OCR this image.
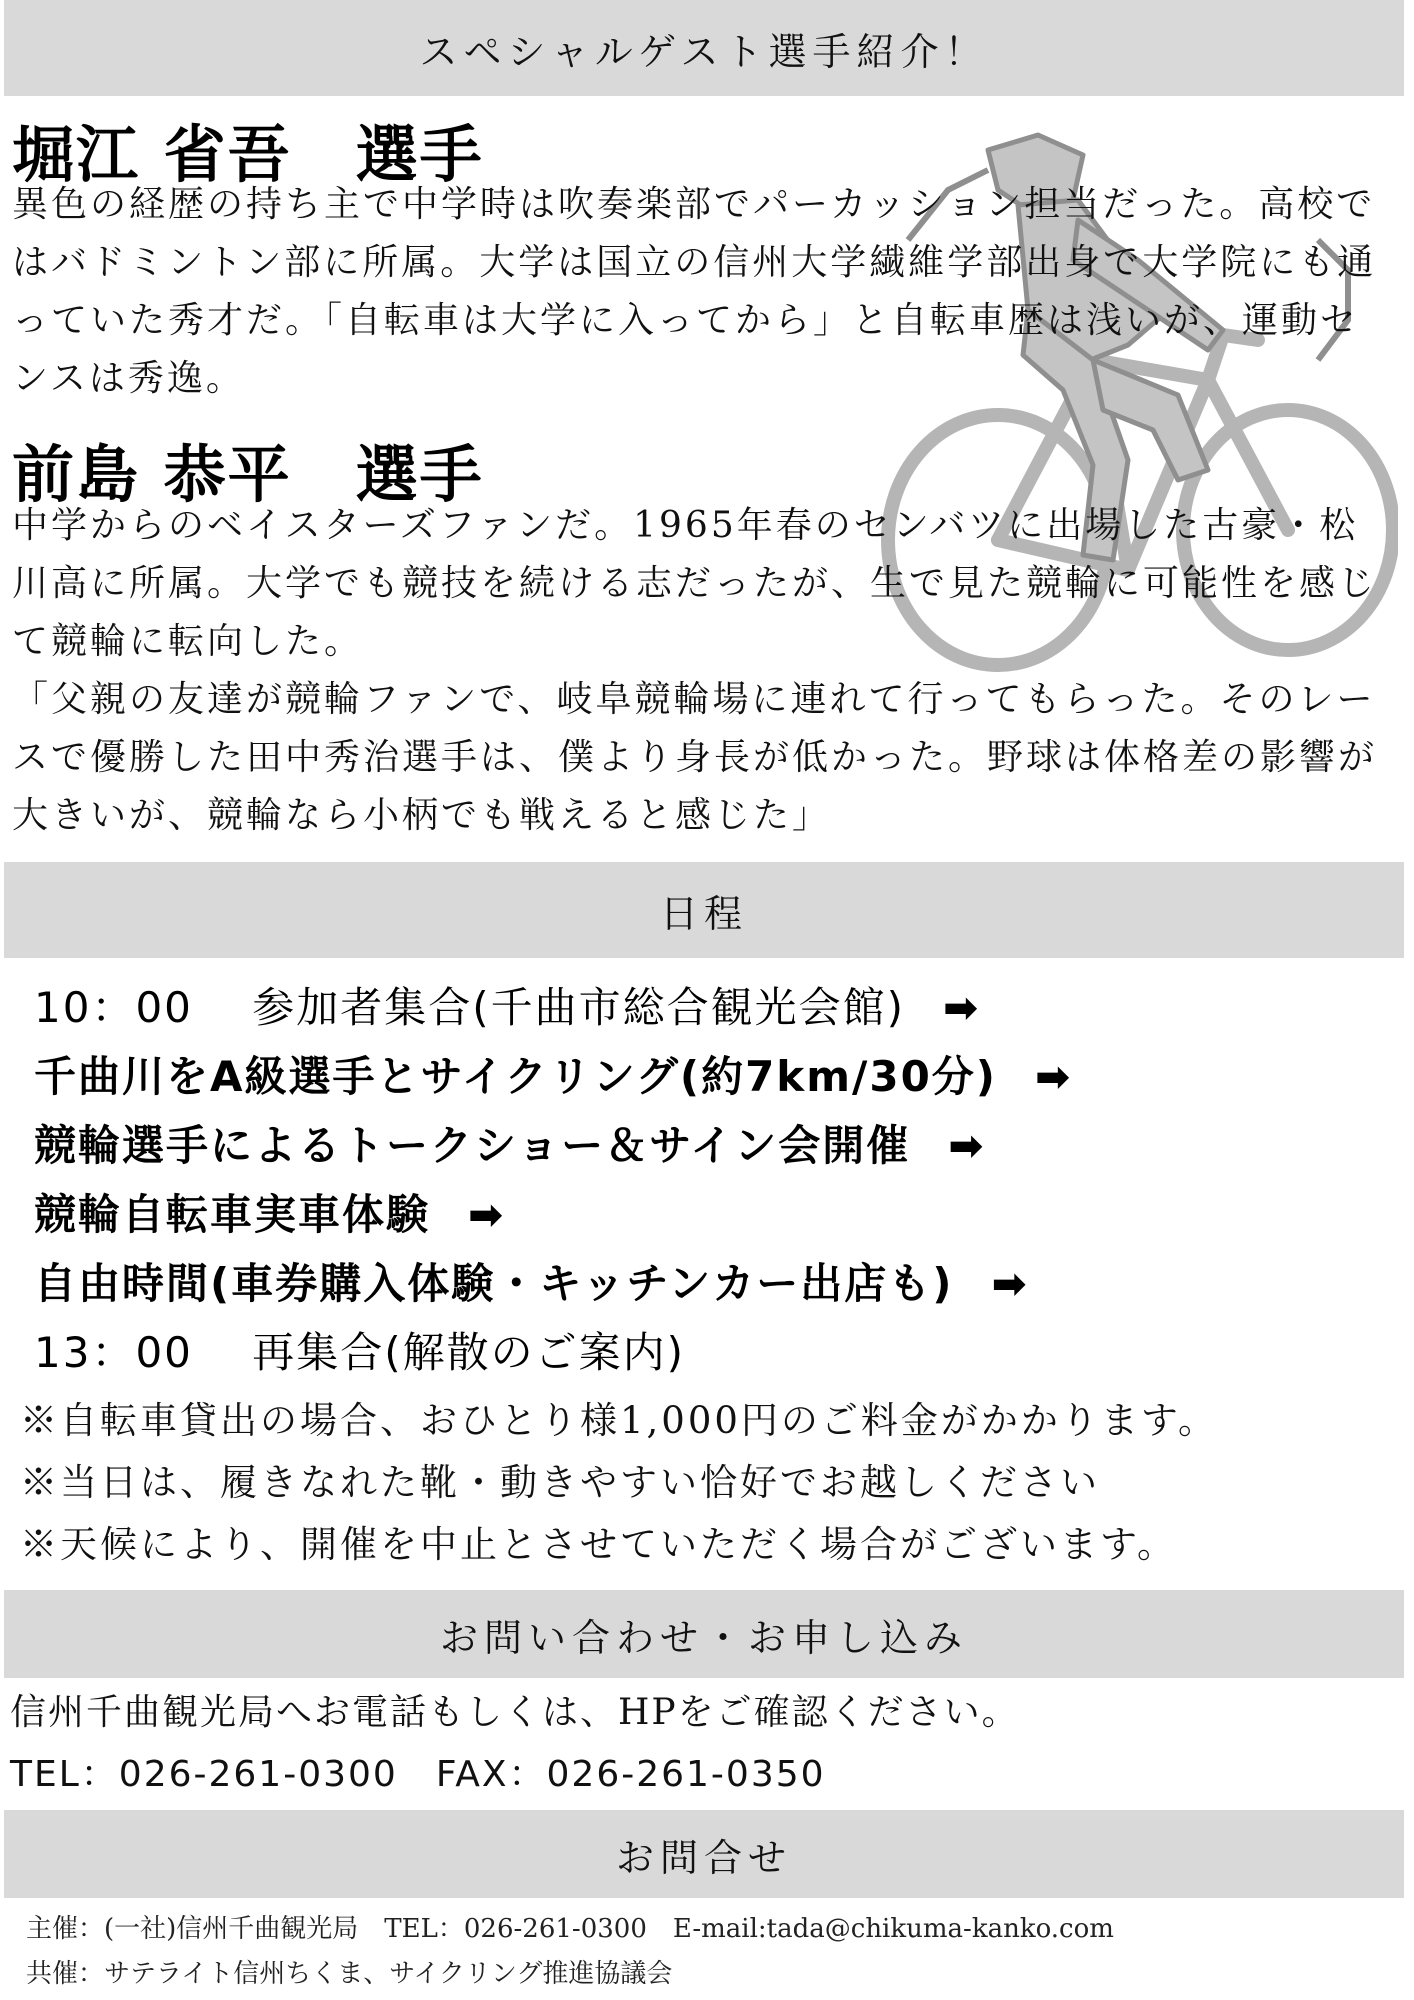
スペシャルゲスト選手紹介！
堀江 省吾　選手

異色の経歴の持ち主で中学時は吹奏楽部でパーカッション担当だった。高校ではバドミントン部に所属。大学は国立の信州大学繊維学部出身で大学院にも通っていた秀才だ。「自転車は大学に入ってから」と自転車歴は浅いが、運動センスは秀逸。

前島 恭平　選手

中学からのベイスターズファンだ。1965年春のセンバツに出場した古豪・松川高に所属。大学でも競技を続ける志だったが、生で見た競輪に可能性を感じて競輪に転向した。

「父親の友達が競輪ファンで、岐阜競輪場に連れて行ってもらった。そのレースで優勝した田中秀治選手は、僕より身長が低かった。野球は体格差の影響が大きいが、競輪なら小柄でも戦えると感じた」

日程
10：00　 参加者集合(千曲市総合観光会館) ➡
千曲川をA級選手とサイクリング(約7km/30分) ➡
競輪選手によるトークショー＆サイン会開催 ➡
競輪自転車実車体験 ➡
自由時間(車券購入体験・キッチンカー出店も) ➡
13：00　 再集合(解散のご案内)
※自転車貸出の場合、おひとり様1,000円のご料金がかかります。
※当日は、履きなれた靴・動きやすい恰好でお越しください
※天候により、開催を中止とさせていただく場合がございます。
お問い合わせ・お申し込み
信州千曲観光局へお電話もしくは、HPをご確認ください。
TEL：026-261-0300　FAX：026-261-0350
お問合せ
主催：(一社)信州千曲観光局　TEL：026-261-0300　E-mail:tada@chikuma-kanko.com
共催：サテライト信州ちくま、サイクリング推進協議会
